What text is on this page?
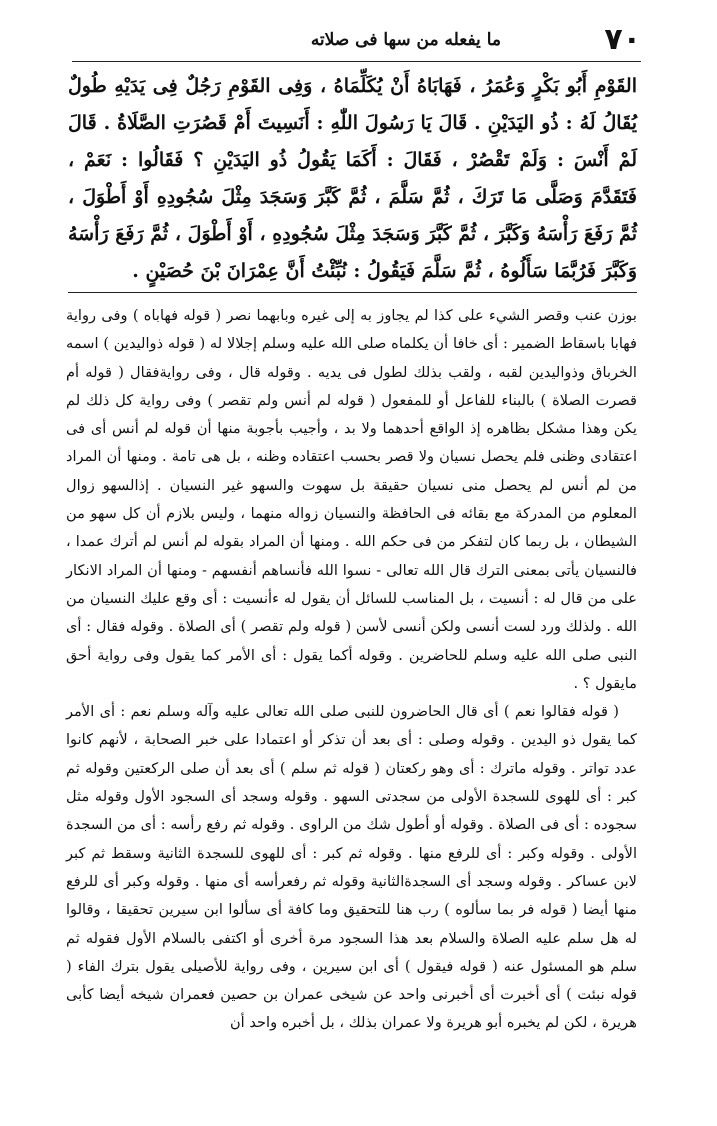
٧٠
ما يفعله من سها فى صلاته

القَوْمِ أَبُو بَكْرٍ وَعُمَرُ ، فَهَابَاهُ أَنْ يُكَلِّمَاهُ ، وَفِى القَوْمِ رَجُلٌ فِى يَدَيْهِ طُولٌ يُقَالُ لَهُ : ذُو اليَدَيْنِ . قَالَ يَا رَسُولَ اللّٰهِ : أَنَسِيتَ أَمْ قَصُرَتِ الصَّلَاةُ . قَالَ لَمْ أَنْسَ : وَلَمْ تَقْصُرْ ، فَقَالَ : أَكَمَا يَقُولُ ذُو اليَدَيْنِ ؟ فَقَالُوا : نَعَمْ ، فَتَقَدَّمَ وَصَلَّى مَا تَرَكَ ، ثُمَّ سَلَّمَ ، ثُمَّ كَبَّرَ وَسَجَدَ مِثْلَ سُجُودِهِ أَوْ أَطْوَلَ ، ثُمَّ رَفَعَ رَأْسَهُ وَكَبَّرَ ، ثُمَّ كَبَّرَ وَسَجَدَ مِثْلَ سُجُودِهِ ، أَوْ أَطْوَلَ ، ثُمَّ رَفَعَ رَأْسَهُ وَكَبَّرَ فَرُبَّمَا سَأَلُوهُ ، ثُمَّ سَلَّمَ فَيَقُولُ : نُبِّئْتُ أَنَّ عِمْرَانَ بْنَ حُصَيْنٍ .

بوزن عنب وقصر الشيء على كذا لم يجاوز به إلى غيره وبابهما نصر ( قوله فهاباه ) وفى رواية فهابا باسقاط الضمير : أى خافا أن يكلماه صلى الله عليه وسلم إجلالا له ( قوله ذواليدين ) اسمه الخرباق وذواليدين لقبه ، ولقب بذلك لطول فى يديه . وقوله قال ، وفى روايةفقال ( قوله أم قصرت الصلاة ) بالبناء للفاعل أو للمفعول ( قوله لم أنس ولم تقصر ) وفى رواية كل ذلك لم يكن وهذا مشكل بظاهره إذ الواقع أحدهما ولا بد ، وأجيب بأجوبة منها أن قوله لم أنس أى فى اعتقادى وظنى فلم يحصل نسيان ولا قصر بحسب اعتقاده وظنه ، بل هى تامة . ومنها أن المراد من لم أنس لم يحصل منى نسيان حقيقة بل سهوت والسهو غير النسيان . إذالسهو زوال المعلوم من المدركة مع بقائه فى الحافظة والنسيان زواله منهما ، وليس بلازم أن كل سهو من الشيطان ، بل ربما كان لتفكر من فى حكم الله . ومنها أن المراد بقوله لم أنس لم أترك عمدا ، فالنسيان يأتى بمعنى الترك قال الله تعالى - نسوا الله فأنساهم أنفسهم - ومنها أن المراد الانكار على من قال له : أنسيت ، بل المناسب للسائل أن يقول له ءأنسيت : أى وقع عليك النسيان من الله . ولذلك ورد لست أنسى ولكن أنسى لأسن ( قوله ولم تقصر ) أى الصلاة . وقوله فقال : أى النبى صلى الله عليه وسلم للحاضرين . وقوله أكما يقول : أى الأمر كما يقول وفى رواية أحق مايقول ؟ .

( قوله فقالوا نعم ) أى قال الحاضرون للنبى صلى الله تعالى عليه وآله وسلم نعم : أى الأمر كما يقول ذو اليدين . وقوله وصلى : أى بعد أن تذكر أو اعتمادا على خبر الصحابة ، لأنهم كانوا عدد تواتر . وقوله ماترك : أى وهو ركعتان ( قوله ثم سلم ) أى بعد أن صلى الركعتين وقوله ثم كبر : أى للهوى للسجدة الأولى من سجدتى السهو . وقوله وسجد أى السجود الأول وقوله مثل سجوده : أى فى الصلاة . وقوله أو أطول شك من الراوى . وقوله ثم رفع رأسه : أى من السجدة الأولى . وقوله وكبر : أى للرفع منها . وقوله ثم كبر : أى للهوى للسجدة الثانية وسقط ثم كبر لابن عساكر . وقوله وسجد أى السجدةالثانية وقوله ثم رفعرأسه أى منها . وقوله وكبر أى للرفع منها أيضا ( قوله فر بما سألوه ) رب هنا للتحقيق وما كافة أى سألوا ابن سيرين تحقيقا ، وقالوا له هل سلم عليه الصلاة والسلام بعد هذا السجود مرة أخرى أو اكتفى بالسلام الأول فقوله ثم سلم هو المسئول عنه ( قوله فيقول ) أى ابن سيرين ، وفى رواية للأصيلى يقول بترك الفاء ( قوله نبئت ) أى أخبرت أى أخبرنى واحد عن شيخى عمران بن حصين فعمران شيخه أيضا كأبى هريرة ، لكن لم يخبره أبو هريرة ولا عمران بذلك ، بل أخبره واحد أن
